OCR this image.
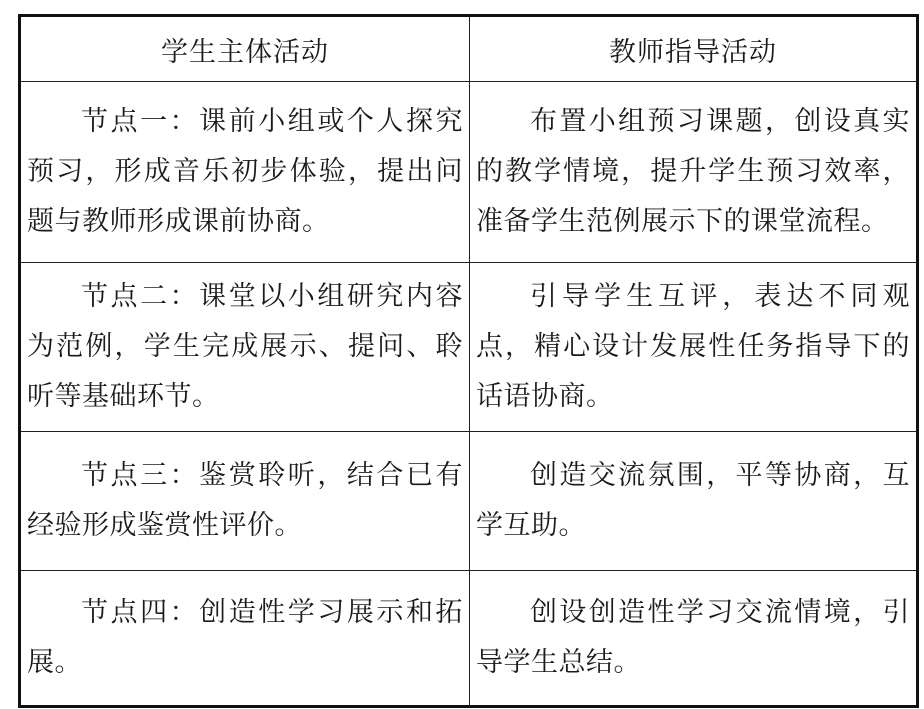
学生主体活动	教师指导活动

节点一：课前小组或个人探究预习，形成音乐初步体验，提出问题与教师形成课前协商。	布置小组预习课题，创设真实的教学情境，提升学生预习效率，准备学生范例展示下的课堂流程。

节点二：课堂以小组研究内容为范例，学生完成展示、提问、聆听等基础环节。	引导学生互评，表达不同观点，精心设计发展性任务指导下的话语协商。

节点三：鉴赏聆听，结合已有经验形成鉴赏性评价。	创造交流氛围，平等协商，互学互助。

节点四：创造性学习展示和拓展。	创设创造性学习交流情境，引导学生总结。
